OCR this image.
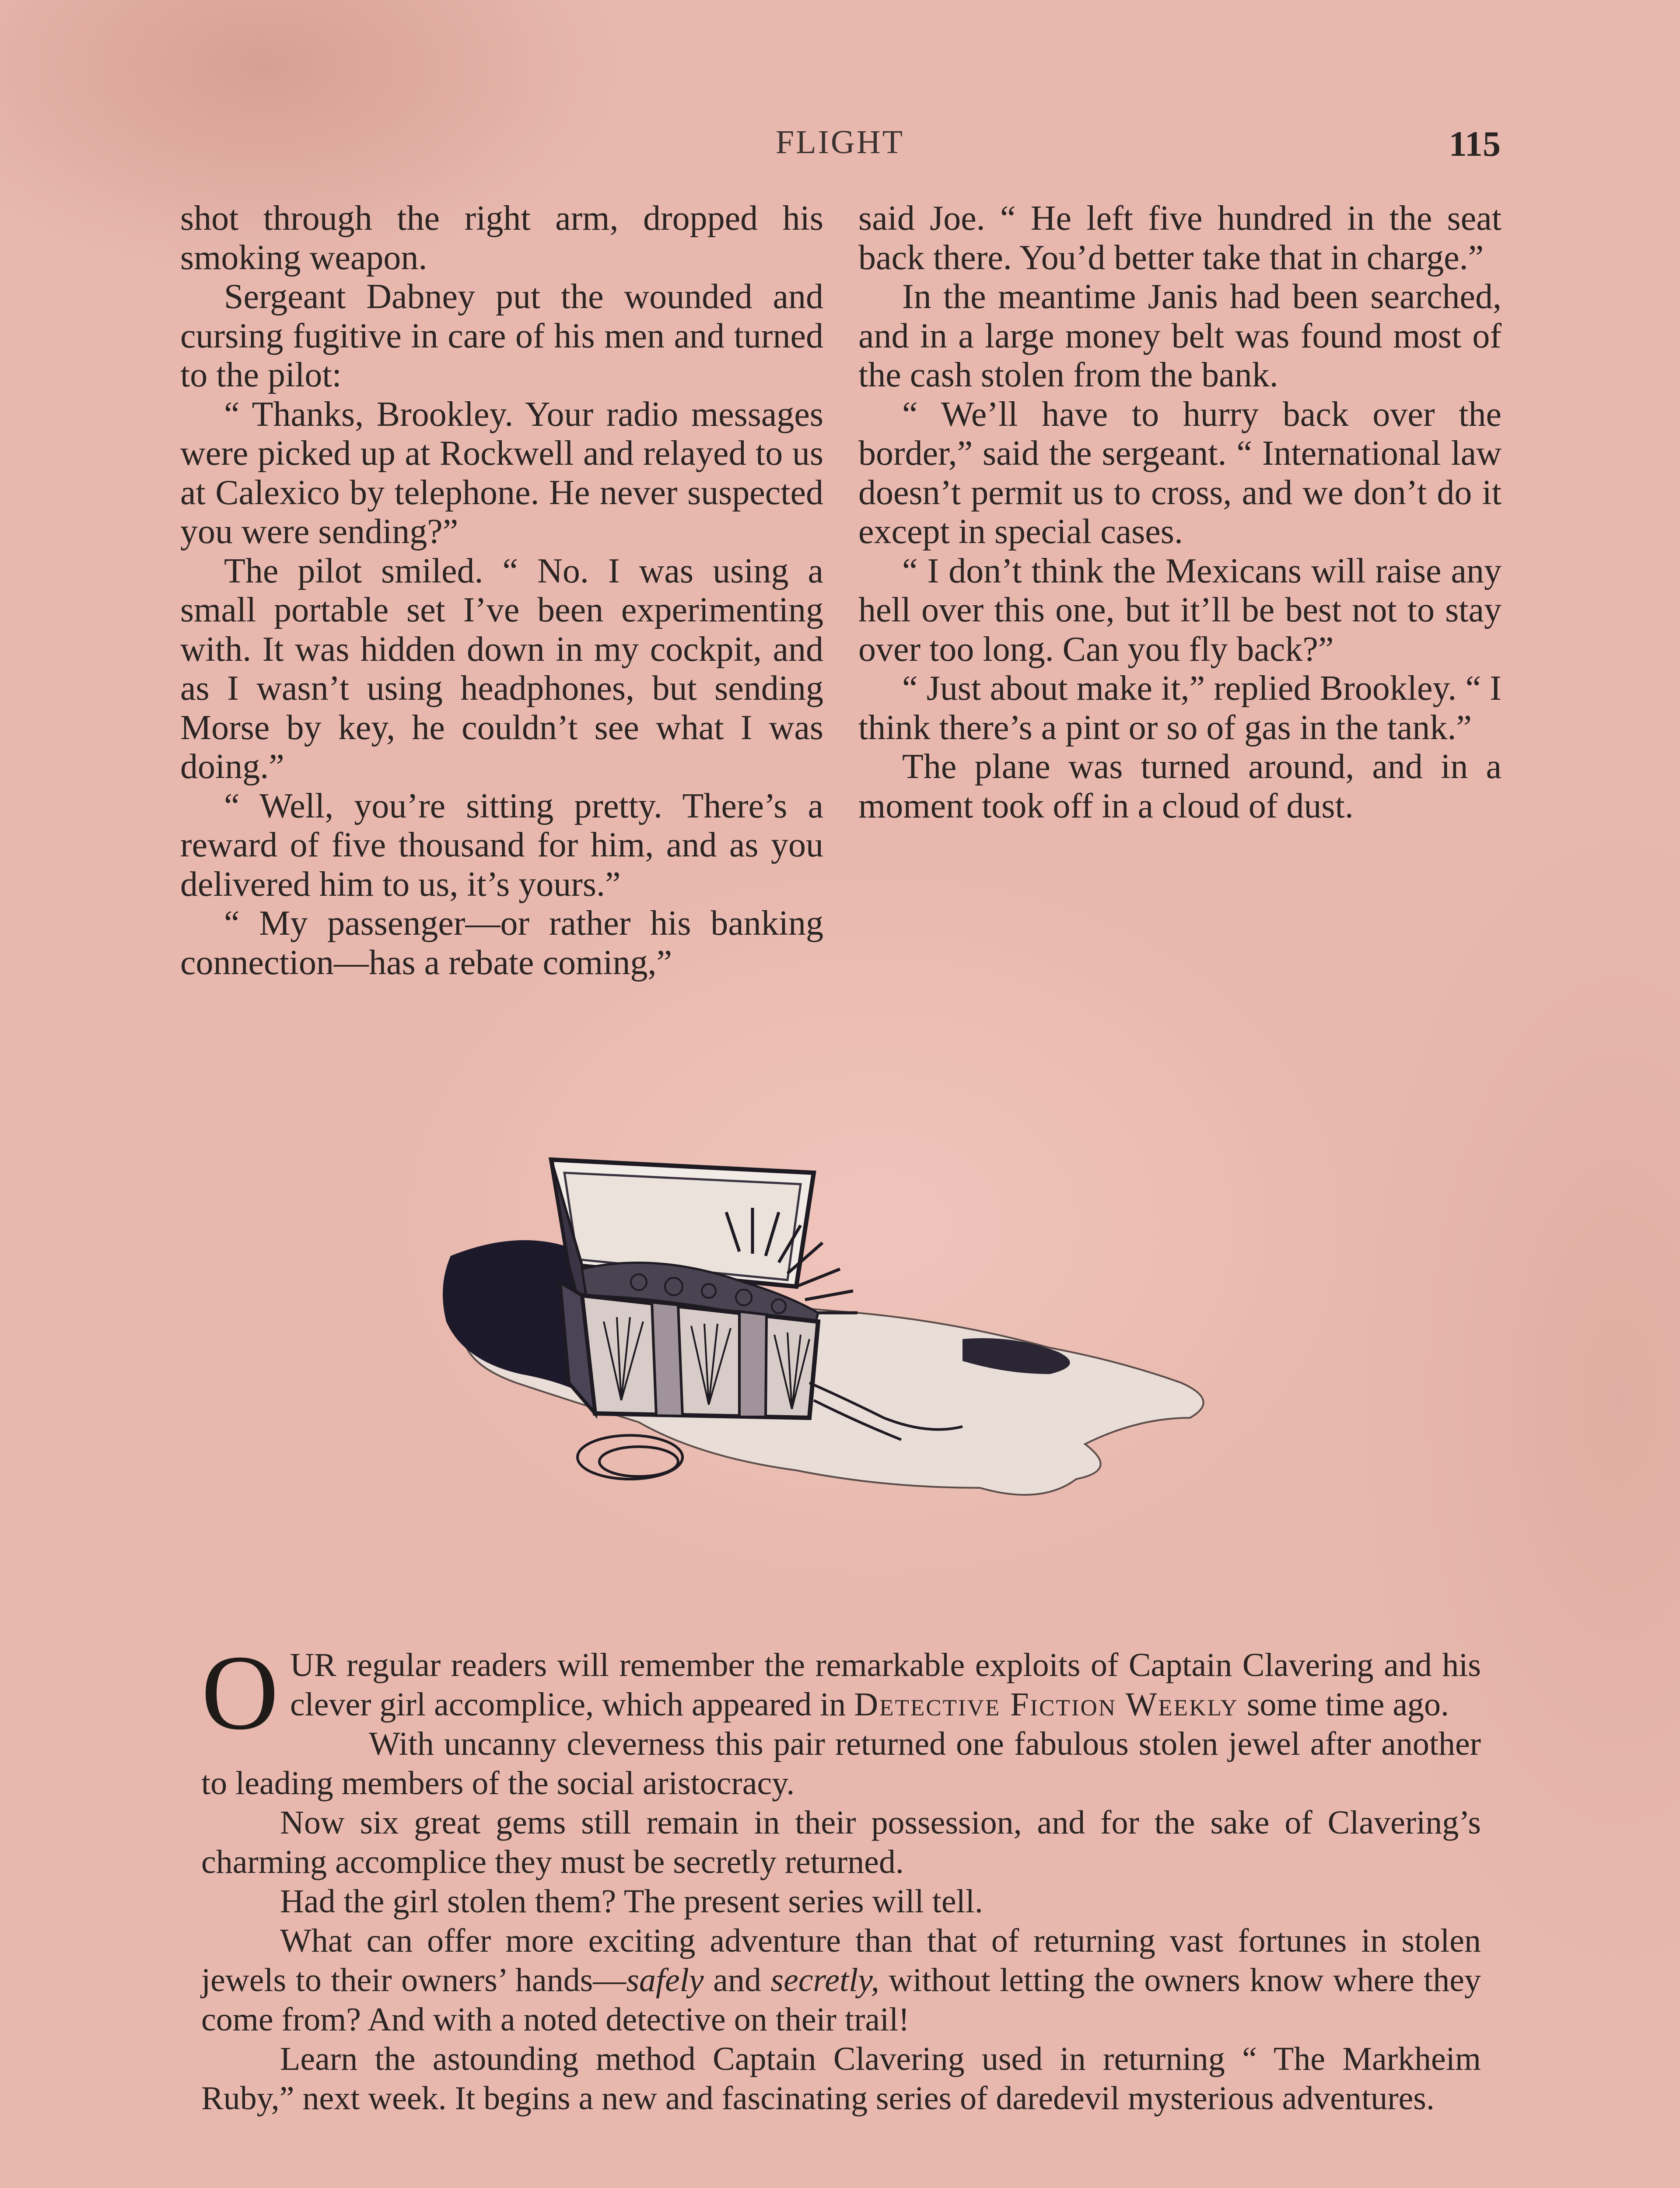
FLIGHT	115

shot through the right arm, dropped his smoking weapon.

Sergeant Dabney put the wounded and cursing fugitive in care of his men and turned to the pilot:

“ Thanks, Brookley. Your radio messages were picked up at Rockwell and relayed to us at Calexico by telephone. He never suspected you were sending?”

The pilot smiled. “ No. I was using a small portable set I’ve been experimenting with. It was hidden down in my cockpit, and as I wasn’t using headphones, but sending Morse by key, he couldn’t see what I was doing.”

“ Well, you’re sitting pretty. There’s a reward of five thousand for him, and as you delivered him to us, it’s yours.”

“ My passenger—or rather his banking connection—has a rebate coming,”

said Joe. “ He left five hundred in the seat back there. You’d better take that in charge.”

In the meantime Janis had been searched, and in a large money belt was found most of the cash stolen from the bank.

“ We’ll have to hurry back over the border,” said the sergeant. “ International law doesn’t permit us to cross, and we don’t do it except in special cases.

“ I don’t think the Mexicans will raise any hell over this one, but it’ll be best not to stay over too long. Can you fly back?”

“ Just about make it,” replied Brookley. “ I think there’s a pint or so of gas in the tank.”

The plane was turned around, and in a moment took off in a cloud of dust.

OUR regular readers will remember the remarkable exploits of Captain Clavering and his clever girl accomplice, which appeared in Detective Fiction Weekly some time ago.

With uncanny cleverness this pair returned one fabulous stolen jewel after another to leading members of the social aristocracy.

Now six great gems still remain in their possession, and for the sake of Clavering’s charming accomplice they must be secretly returned.

Had the girl stolen them? The present series will tell.

What can offer more exciting adventure than that of returning vast fortunes in stolen jewels to their owners’ hands—safely and secretly, without letting the owners know where they come from? And with a noted detective on their trail!

Learn the astounding method Captain Clavering used in returning “ The Markheim Ruby,” next week. It begins a new and fascinating series of daredevil mysterious adventures.
